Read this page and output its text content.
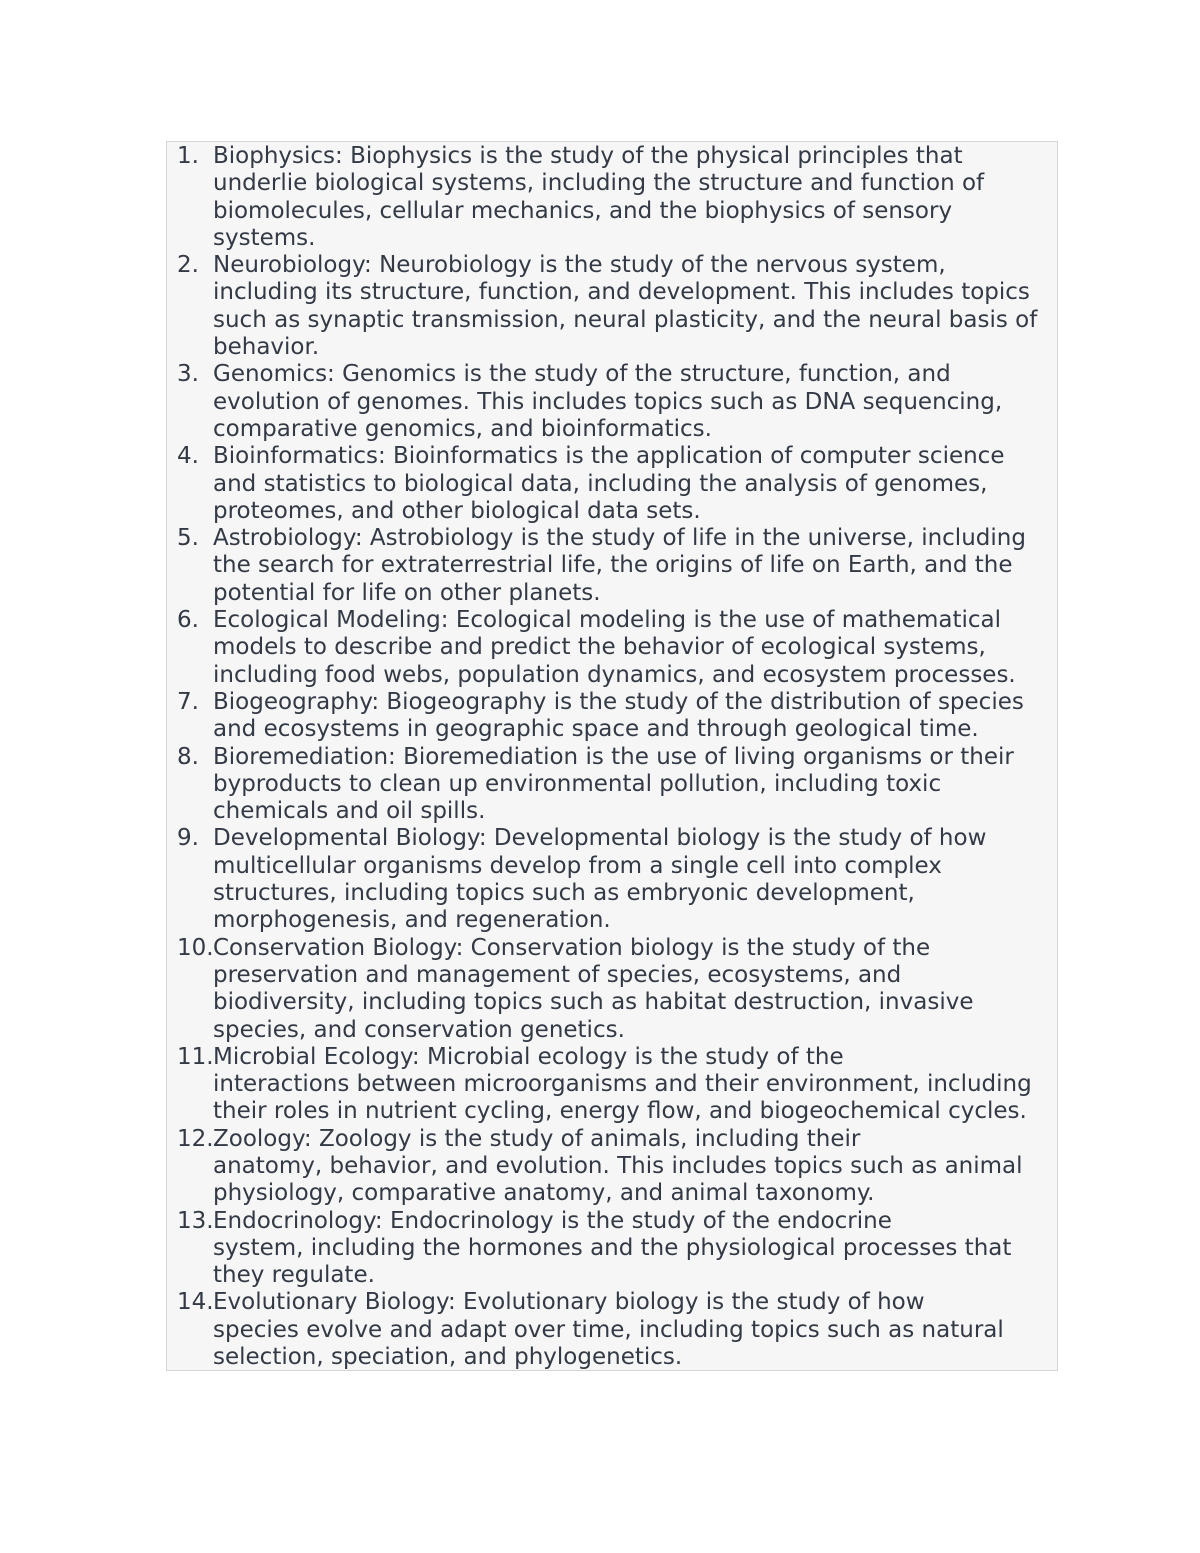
1. Biophysics: Biophysics is the study of the physical principles that
underlie biological systems, including the structure and function of
biomolecules, cellular mechanics, and the biophysics of sensory
systems.
2. Neurobiology: Neurobiology is the study of the nervous system,
including its structure, function, and development. This includes topics
such as synaptic transmission, neural plasticity, and the neural basis of
behavior.
3. Genomics: Genomics is the study of the structure, function, and
evolution of genomes. This includes topics such as DNA sequencing,
comparative genomics, and bioinformatics.
4. Bioinformatics: Bioinformatics is the application of computer science
and statistics to biological data, including the analysis of genomes,
proteomes, and other biological data sets.
5. Astrobiology: Astrobiology is the study of life in the universe, including
the search for extraterrestrial life, the origins of life on Earth, and the
potential for life on other planets.
6. Ecological Modeling: Ecological modeling is the use of mathematical
models to describe and predict the behavior of ecological systems,
including food webs, population dynamics, and ecosystem processes.
7. Biogeography: Biogeography is the study of the distribution of species
and ecosystems in geographic space and through geological time.
8. Bioremediation: Bioremediation is the use of living organisms or their
byproducts to clean up environmental pollution, including toxic
chemicals and oil spills.
9. Developmental Biology: Developmental biology is the study of how
multicellular organisms develop from a single cell into complex
structures, including topics such as embryonic development,
morphogenesis, and regeneration.
10. Conservation Biology: Conservation biology is the study of the
preservation and management of species, ecosystems, and
biodiversity, including topics such as habitat destruction, invasive
species, and conservation genetics.
11. Microbial Ecology: Microbial ecology is the study of the
interactions between microorganisms and their environment, including
their roles in nutrient cycling, energy flow, and biogeochemical cycles.
12. Zoology: Zoology is the study of animals, including their
anatomy, behavior, and evolution. This includes topics such as animal
physiology, comparative anatomy, and animal taxonomy.
13. Endocrinology: Endocrinology is the study of the endocrine
system, including the hormones and the physiological processes that
they regulate.
14. Evolutionary Biology: Evolutionary biology is the study of how
species evolve and adapt over time, including topics such as natural
selection, speciation, and phylogenetics.
